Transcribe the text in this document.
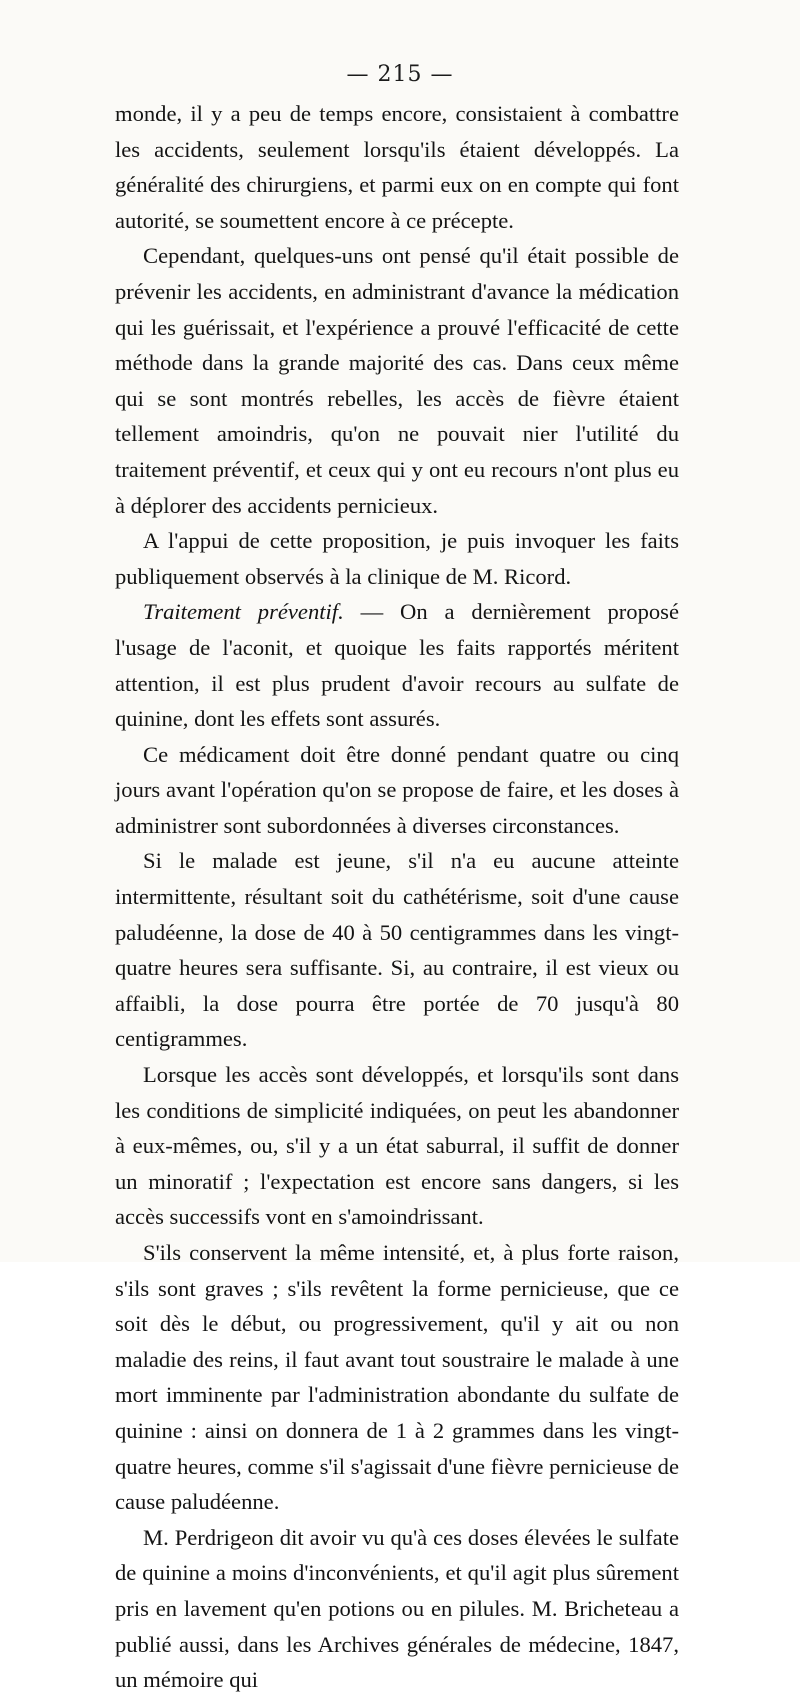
— 215 —

monde, il y a peu de temps encore, consistaient à combattre les accidents, seulement lorsqu'ils étaient développés. La généralité des chirurgiens, et parmi eux on en compte qui font autorité, se soumettent encore à ce précepte.

Cependant, quelques-uns ont pensé qu'il était possible de prévenir les accidents, en administrant d'avance la médication qui les guérissait, et l'expérience a prouvé l'efficacité de cette méthode dans la grande majorité des cas. Dans ceux même qui se sont montrés rebelles, les accès de fièvre étaient tellement amoindris, qu'on ne pouvait nier l'utilité du traitement préventif, et ceux qui y ont eu recours n'ont plus eu à déplorer des accidents pernicieux.

A l'appui de cette proposition, je puis invoquer les faits publiquement observés à la clinique de M. Ricord.

Traitement préventif. — On a dernièrement proposé l'usage de l'aconit, et quoique les faits rapportés méritent attention, il est plus prudent d'avoir recours au sulfate de quinine, dont les effets sont assurés.

Ce médicament doit être donné pendant quatre ou cinq jours avant l'opération qu'on se propose de faire, et les doses à administrer sont subordonnées à diverses circonstances.

Si le malade est jeune, s'il n'a eu aucune atteinte intermittente, résultant soit du cathétérisme, soit d'une cause paludéenne, la dose de 40 à 50 centigrammes dans les vingt-quatre heures sera suffisante. Si, au contraire, il est vieux ou affaibli, la dose pourra être portée de 70 jusqu'à 80 centigrammes.

Lorsque les accès sont développés, et lorsqu'ils sont dans les conditions de simplicité indiquées, on peut les abandonner à eux-mêmes, ou, s'il y a un état saburral, il suffit de donner un minoratif ; l'expectation est encore sans dangers, si les accès successifs vont en s'amoindrissant.

S'ils conservent la même intensité, et, à plus forte raison, s'ils sont graves ; s'ils revêtent la forme pernicieuse, que ce soit dès le début, ou progressivement, qu'il y ait ou non maladie des reins, il faut avant tout soustraire le malade à une mort imminente par l'administration abondante du sulfate de quinine : ainsi on donnera de 1 à 2 grammes dans les vingt-quatre heures, comme s'il s'agissait d'une fièvre pernicieuse de cause paludéenne.

M. Perdrigeon dit avoir vu qu'à ces doses élevées le sulfate de quinine a moins d'inconvénients, et qu'il agit plus sûrement pris en lavement qu'en potions ou en pilules. M. Bricheteau a publié aussi, dans les Archives générales de médecine, 1847, un mémoire qui
